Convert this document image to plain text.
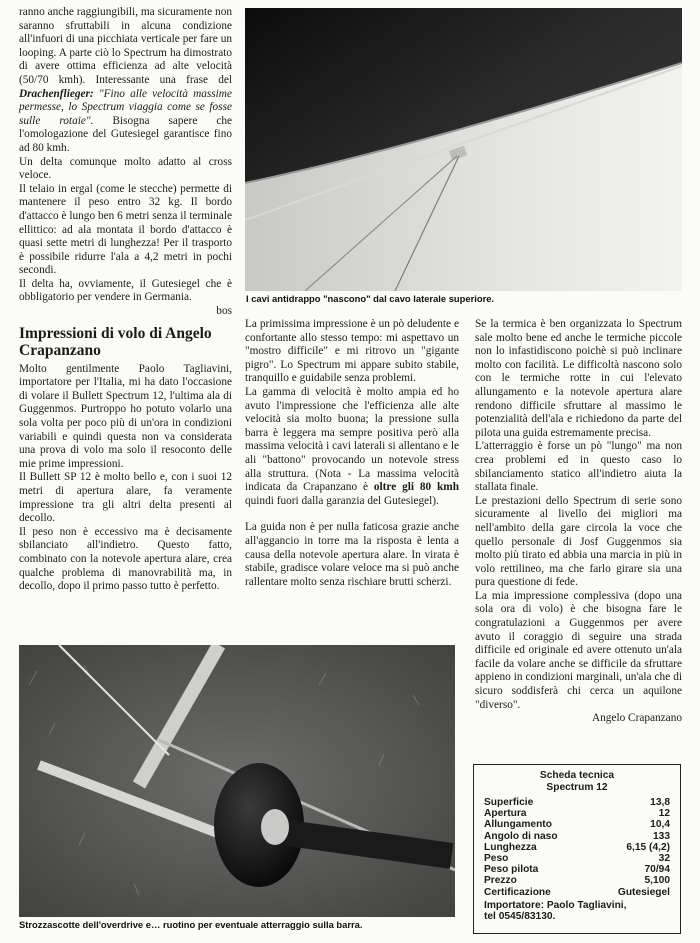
ranno anche raggiungibili, ma sicuramente non saranno sfruttabili in alcuna condizione all'infuori di una picchiata verticale per fare un looping. A parte ciò lo Spectrum ha dimostrato di avere ottima efficienza ad alte velocità (50/70 kmh). Interessante una frase del

Drachenflieger: "Fino alle velocità massime permesse, lo Spectrum viaggia come se fosse sulle rotaie". Bisogna sapere che l'omologazione del Gutesiegel garantisce fino ad 80 kmh.

Un delta comunque molto adatto al cross veloce.

Il telaio in ergal (come le stecche) permette di mantenere il peso entro 32 kg. Il bordo d'attacco è lungo ben 6 metri senza il terminale ellittico: ad ala montata il bordo d'attacco è quasi sette metri di lunghezza! Per il trasporto è possibile ridurre l'ala a 4,2 metri in pochi secondi.

Il delta ha, ovviamente, il Gutesiegel che è obbligatorio per vendere in Germania.

bos

Impressioni di volo di Angelo Crapanzano

Molto gentilmente Paolo Tagliavini, importatore per l'Italia, mi ha dato l'occasione di volare il Bullett Spectrum 12, l'ultima ala di Guggenmos. Purtroppo ho potuto volarlo una sola volta per poco più di un'ora in condizioni variabili e quindi questa non va considerata una prova di volo ma solo il resoconto delle mie prime impressioni.

Il Bullett SP 12 è molto bello e, con i suoi 12 metri di apertura alare, fa veramente impressione tra gli altri delta presenti al decollo.

Il peso non è eccessivo ma è decisamente sbilanciato all'indietro. Questo fatto, combinato con la notevole apertura alare, crea qualche problema di manovrabilità ma, in decollo, dopo il primo passo tutto è perfetto.

I cavi antidrappo "nascono" dal cavo laterale superiore.

La primissima impressione è un pò deludente e confortante allo stesso tempo: mi aspettavo un "mostro difficile" e mi ritrovo un "gigante pigro". Lo Spectrum mi appare subito stabile, tranquillo e guidabile senza problemi.

La gamma di velocità è molto ampia ed ho avuto l'impressione che l'efficienza alle alte velocità sia molto buona; la pressione sulla barra è leggera ma sempre positiva però alla massima velocità i cavi laterali si allentano e le ali "battono" provocando un notevole stress alla struttura. (Nota - La massima velocità indicata da Crapanzano è oltre gli 80 kmh quindi fuori dalla garanzia del Gutesiegel).

La guida non è per nulla faticosa grazie anche all'aggancio in torre ma la risposta è lenta a causa della notevole apertura alare. In virata è stabile, gradisce volare veloce ma si può anche rallentare molto senza rischiare brutti scherzi.

Se la termica è ben organizzata lo Spectrum sale molto bene ed anche le termiche piccole non lo infastidiscono poichè si può inclinare molto con facilità. Le difficoltà nascono solo con le termiche rotte in cui l'elevato allungamento e la notevole apertura alare rendono difficile sfruttare al massimo le potenzialità dell'ala e richiedono da parte del pilota una guida estremamente precisa.

L'atterraggio è forse un pò "lungo" ma non crea problemi ed in questo caso lo sbilanciamento statico all'indietro aiuta la stallata finale.

Le prestazioni dello Spectrum di serie sono sicuramente al livello dei migliori ma nell'ambito della gare circola la voce che quello personale di Josf Guggenmos sia molto più tirato ed abbia una marcia in più in volo rettilineo, ma che farlo girare sia una pura questione di fede.

La mia impressione complessiva (dopo una sola ora di volo) è che bisogna fare le congratulazioni a Guggenmos per avere avuto il coraggio di seguire una strada difficile ed originale ed avere ottenuto un'ala facile da volare anche se difficile da sfruttare appieno in condizioni marginali, un'ala che di sicuro soddisferà chi cerca un aquilone "diverso".

Angelo Crapanzano

Strozzascotte dell'overdrive e… ruotino per eventuale atterraggio sulla barra.
Scheda tecnica
Spectrum 12
Superficie	13,8
Apertura	12
Allungamento	10,4
Angolo di naso	133
Lunghezza	6,15 (4,2)
Peso	32
Peso pilota	70/94
Prezzo	5,100
Certificazione	Gutesiegel
Importatore: Paolo Tagliavini,
tel 0545/83130.
